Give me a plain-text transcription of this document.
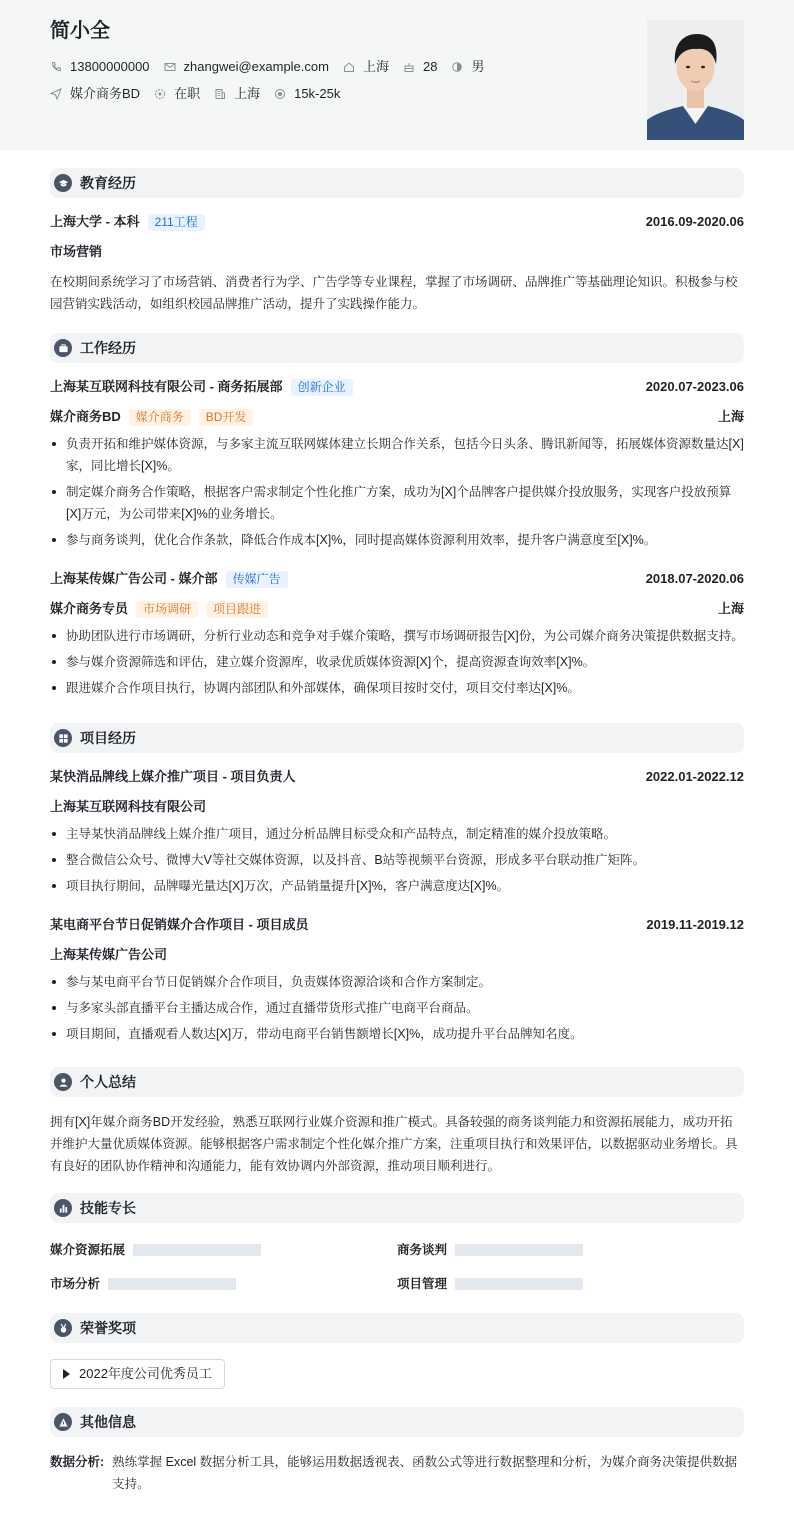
简小全
13800000000	zhangwei@example.com	上海	28	男
媒介商务BD	在职	上海	15k-25k
教育经历
上海大学 - 本科 211工程	2016.09-2020.06
市场营销
在校期间系统学习了市场营销、消费者行为学、广告学等专业课程，掌握了市场调研、品牌推广等基础理论知识。积极参与校园营销实践活动，如组织校园品牌推广活动，提升了实践操作能力。
工作经历
上海某互联网科技有限公司 - 商务拓展部 创新企业	2020.07-2023.06
媒介商务BD 媒介商务 BD开发	上海
负责开拓和维护媒体资源，与多家主流互联网媒体建立长期合作关系，包括今日头条、腾讯新闻等，拓展媒体资源数量达[X]家，同比增长[X]%。
制定媒介商务合作策略，根据客户需求制定个性化推广方案，成功为[X]个品牌客户提供媒介投放服务，实现客户投放预算[X]万元，为公司带来[X]%的业务增长。
参与商务谈判，优化合作条款，降低合作成本[X]%，同时提高媒体资源利用效率，提升客户满意度至[X]%。
上海某传媒广告公司 - 媒介部 传媒广告	2018.07-2020.06
媒介商务专员 市场调研 项目跟进	上海
协助团队进行市场调研，分析行业动态和竞争对手媒介策略，撰写市场调研报告[X]份，为公司媒介商务决策提供数据支持。
参与媒介资源筛选和评估，建立媒介资源库，收录优质媒体资源[X]个，提高资源查询效率[X]%。
跟进媒介合作项目执行，协调内部团队和外部媒体，确保项目按时交付，项目交付率达[X]%。
项目经历
某快消品牌线上媒介推广项目 - 项目负责人	2022.01-2022.12
上海某互联网科技有限公司
主导某快消品牌线上媒介推广项目，通过分析品牌目标受众和产品特点，制定精准的媒介投放策略。
整合微信公众号、微博大V等社交媒体资源，以及抖音、B站等视频平台资源，形成多平台联动推广矩阵。
项目执行期间，品牌曝光量达[X]万次，产品销量提升[X]%，客户满意度达[X]%。
某电商平台节日促销媒介合作项目 - 项目成员	2019.11-2019.12
上海某传媒广告公司
参与某电商平台节日促销媒介合作项目，负责媒体资源洽谈和合作方案制定。
与多家头部直播平台主播达成合作，通过直播带货形式推广电商平台商品。
项目期间，直播观看人数达[X]万，带动电商平台销售额增长[X]%，成功提升平台品牌知名度。
个人总结
拥有[X]年媒介商务BD开发经验，熟悉互联网行业媒介资源和推广模式。具备较强的商务谈判能力和资源拓展能力，成功开拓并维护大量优质媒体资源。能够根据客户需求制定个性化媒介推广方案，注重项目执行和效果评估，以数据驱动业务增长。具有良好的团队协作精神和沟通能力，能有效协调内外部资源，推动项目顺利进行。
技能专长
媒介资源拓展	商务谈判
市场分析	项目管理
荣誉奖项
2022年度公司优秀员工
其他信息
数据分析: 熟练掌握 Excel 数据分析工具，能够运用数据透视表、函数公式等进行数据整理和分析，为媒介商务决策提供数据支持。
